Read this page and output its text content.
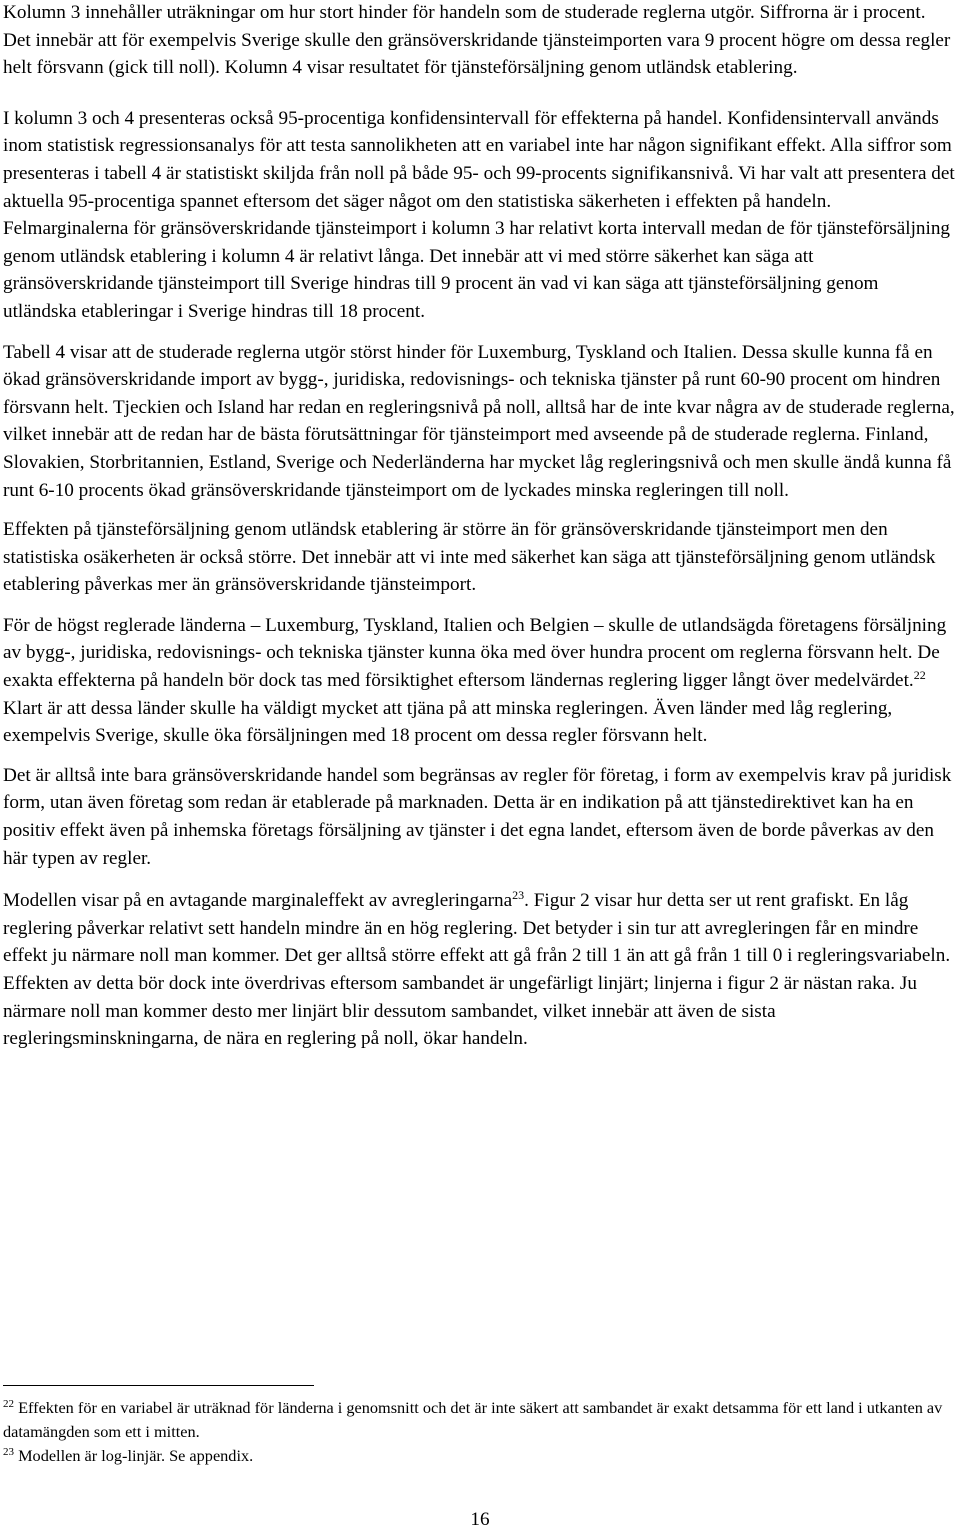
Kolumn 3 innehåller uträkningar om hur stort hinder för handeln som de studerade reglerna utgör. Siffrorna är i procent. Det innebär att för exempelvis Sverige skulle den gränsöverskridande tjänsteimporten vara 9 procent högre om dessa regler helt försvann (gick till noll). Kolumn 4 visar resultatet för tjänsteförsäljning genom utländsk etablering.

I kolumn 3 och 4 presenteras också 95-procentiga konfidensintervall för effekterna på handel. Konfidensintervall används inom statistisk regressionsanalys för att testa sannolikheten att en variabel inte har någon signifikant effekt. Alla siffror som presenteras i tabell 4 är statistiskt skiljda från noll på både 95- och 99-procents signifikansnivå. Vi har valt att presentera det aktuella 95-procentiga spannet eftersom det säger något om den statistiska säkerheten i effekten på handeln. Felmarginalerna för gränsöverskridande tjänsteimport i kolumn 3 har relativt korta intervall medan de för tjänsteförsäljning genom utländsk etablering i kolumn 4 är relativt långa. Det innebär att vi med större säkerhet kan säga att gränsöverskridande tjänsteimport till Sverige hindras till 9 procent än vad vi kan säga att tjänsteförsäljning genom utländska etableringar i Sverige hindras till 18 procent.

Tabell 4 visar att de studerade reglerna utgör störst hinder för Luxemburg, Tyskland och Italien. Dessa skulle kunna få en ökad gränsöverskridande import av bygg-, juridiska, redovisnings- och tekniska tjänster på runt 60-90 procent om hindren försvann helt. Tjeckien och Island har redan en regleringsnivå på noll, alltså har de inte kvar några av de studerade reglerna, vilket innebär att de redan har de bästa förutsättningar för tjänsteimport med avseende på de studerade reglerna. Finland, Slovakien, Storbritannien, Estland, Sverige och Nederländerna har mycket låg regleringsnivå och men skulle ändå kunna få runt 6-10 procents ökad gränsöverskridande tjänsteimport om de lyckades minska regleringen till noll.

Effekten på tjänsteförsäljning genom utländsk etablering är större än för gränsöverskridande tjänsteimport men den statistiska osäkerheten är också större. Det innebär att vi inte med säkerhet kan säga att tjänsteförsäljning genom utländsk etablering påverkas mer än gränsöverskridande tjänsteimport.

För de högst reglerade länderna – Luxemburg, Tyskland, Italien och Belgien – skulle de utlandsägda företagens försäljning av bygg-, juridiska, redovisnings- och tekniska tjänster kunna öka med över hundra procent om reglerna försvann helt. De exakta effekterna på handeln bör dock tas med försiktighet eftersom ländernas reglering ligger långt över medelvärdet.$^{22}$ Klart är att dessa länder skulle ha väldigt mycket att tjäna på att minska regleringen. Även länder med låg reglering, exempelvis Sverige, skulle öka försäljningen med 18 procent om dessa regler försvann helt.

Det är alltså inte bara gränsöverskridande handel som begränsas av regler för företag, i form av exempelvis krav på juridisk form, utan även företag som redan är etablerade på marknaden. Detta är en indikation på att tjänstedirektivet kan ha en positiv effekt även på inhemska företags försäljning av tjänster i det egna landet, eftersom även de borde påverkas av den här typen av regler.

Modellen visar på en avtagande marginaleffekt av avregleringarna$^{23}$. Figur 2 visar hur detta ser ut rent grafiskt. En låg reglering påverkar relativt sett handeln mindre än en hög reglering. Det betyder i sin tur att avregleringen får en mindre effekt ju närmare noll man kommer. Det ger alltså större effekt att gå från 2 till 1 än att gå från 1 till 0 i regleringsvariabeln. Effekten av detta bör dock inte överdrivas eftersom sambandet är ungefärligt linjärt; linjerna i figur 2 är nästan raka. Ju närmare noll man kommer desto mer linjärt blir dessutom sambandet, vilket innebär att även de sista regleringsminskningarna, de nära en reglering på noll, ökar handeln.

$^{22}$ Effekten för en variabel är uträknad för länderna i genomsnitt och det är inte säkert att sambandet är exakt detsamma för ett land i utkanten av datamängden som ett i mitten.

$^{23}$ Modellen är log-linjär. Se appendix.

16
